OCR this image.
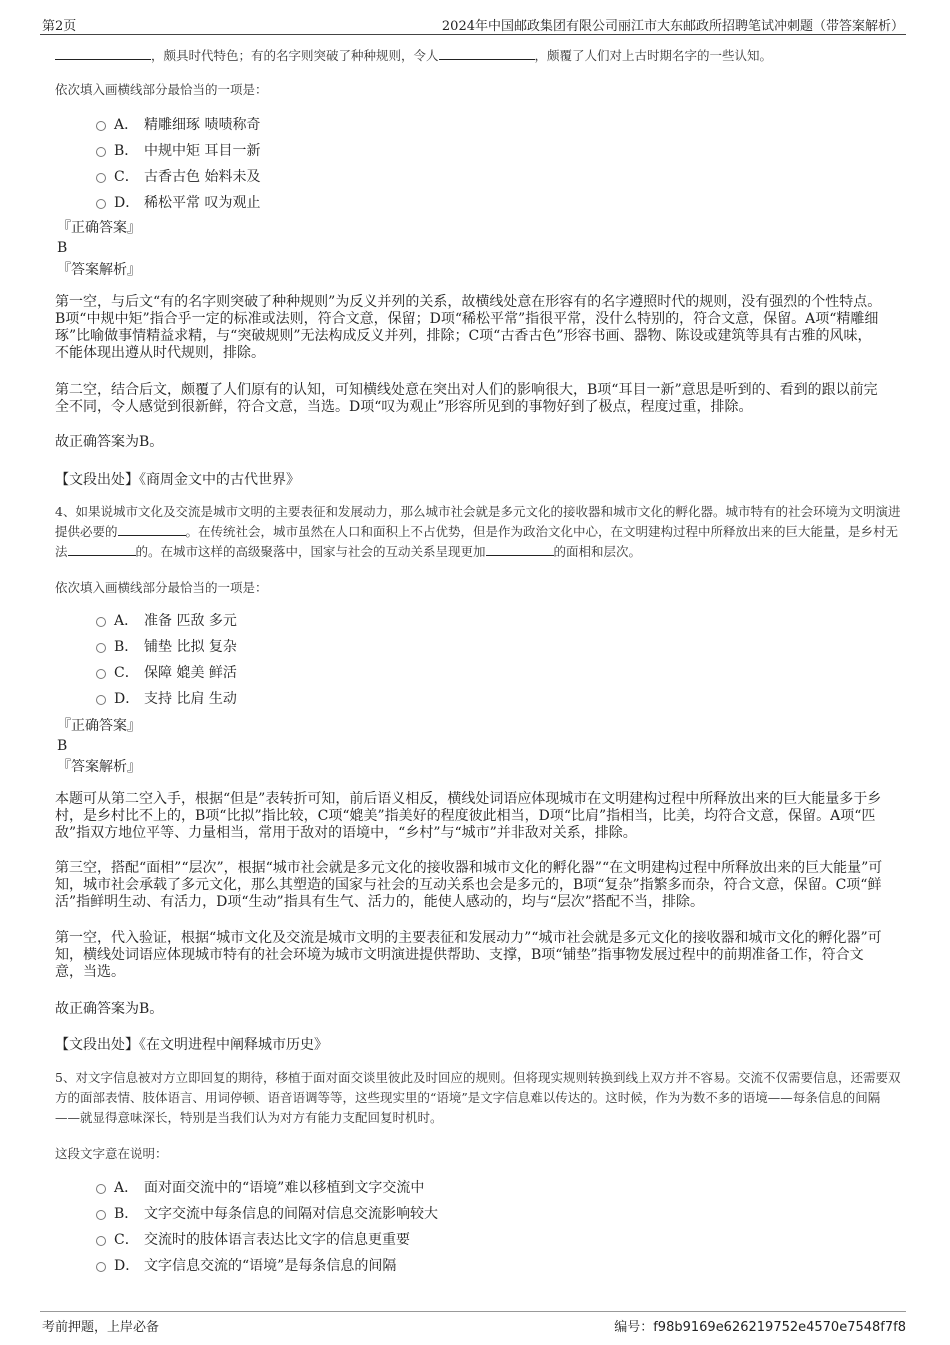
第2页	2024年中国邮政集团有限公司丽江市大东邮政所招聘笔试冲刺题（带答案解析）
，颇具时代特色；有的名字则突破了种种规则，令人	，颇覆了人们对上古时期名字的一些认知。
依次填入画横线部分最恰当的一项是：
A． 精雕细琢 啧啧称奇
B． 中规中矩 耳目一新
C． 古香古色 始料未及
D． 稀松平常 叹为观止
『正确答案』
B
『答案解析』
第一空，与后文“有的名字则突破了种种规则”为反义并列的关系，故横线处意在形容有的名字遵照时代的规则，没有强烈的个性特点。B项“中规中矩”指合乎一定的标准或法则，符合文意，保留；D项“稀松平常”指很平常，没什么特别的，符合文意，保留。A项“精雕细琢”比喻做事情精益求精，与“突破规则”无法构成反义并列，排除；C项“古香古色”形容书画、器物、陈设或建筑等具有古雅的风味，不能体现出遵从时代规则，排除。
第二空，结合后文，颇覆了人们原有的认知，可知横线处意在突出对人们的影响很大，B项“耳目一新”意思是听到的、看到的跟以前完全不同，令人感觉到很新鲜，符合文意，当选。D项“叹为观止”形容所见到的事物好到了极点，程度过重，排除。
故正确答案为B。
【文段出处】《商周金文中的古代世界》
4、如果说城市文化及交流是城市文明的主要表征和发展动力，那么城市社会就是多元文化的接收器和城市文化的孵化器。城市特有的社会环境为文明演进提供必要的	。在传统社会，城市虽然在人口和面积上不占优势，但是作为政治文化中心，在文明建构过程中所释放出来的巨大能量，是乡村无法	的。在城市这样的高级聚落中，国家与社会的互动关系呈现更加	的面相和层次。
依次填入画横线部分最恰当的一项是：
A． 准备 匹敌 多元
B． 铺垫 比拟 复杂
C． 保障 媲美 鲜活
D． 支持 比肩 生动
『正确答案』
B
『答案解析』
本题可从第二空入手，根据“但是”表转折可知，前后语义相反，横线处词语应体现城市在文明建构过程中所释放出来的巨大能量多于乡村，是乡村比不上的，B项“比拟”指比较，C项“媲美”指美好的程度彼此相当，D项“比肩”指相当，比美，均符合文意，保留。A项“匹敌”指双方地位平等、力量相当，常用于敌对的语境中，“乡村”与“城市”并非敌对关系，排除。
第三空，搭配“面相”“层次”，根据“城市社会就是多元文化的接收器和城市文化的孵化器”“在文明建构过程中所释放出来的巨大能量”可知，城市社会承载了多元文化，那么其塑造的国家与社会的互动关系也会是多元的，B项“复杂”指繁多而杂，符合文意，保留。C项“鲜活”指鲜明生动、有活力，D项“生动”指具有生气、活力的，能使人感动的，均与“层次”搭配不当，排除。
第一空，代入验证，根据“城市文化及交流是城市文明的主要表征和发展动力”“城市社会就是多元文化的接收器和城市文化的孵化器”可知，横线处词语应体现城市特有的社会环境为城市文明演进提供帮助、支撑，B项“铺垫”指事物发展过程中的前期准备工作，符合文意，当选。
故正确答案为B。
【文段出处】《在文明进程中阐释城市历史》
5、对文字信息被对方立即回复的期待，移植于面对面交谈里彼此及时回应的规则。但将现实规则转换到线上双方并不容易。交流不仅需要信息，还需要双方的面部表情、肢体语言、用词停顿、语音语调等等，这些现实里的“语境”是文字信息难以传达的。这时候，作为为数不多的语境——每条信息的间隔——就显得意味深长，特别是当我们认为对方有能力支配回复时机时。
这段文字意在说明：
A． 面对面交流中的“语境”难以移植到文字交流中
B． 文字交流中每条信息的间隔对信息交流影响较大
C． 交流时的肢体语言表达比文字的信息更重要
D． 文字信息交流的“语境”是每条信息的间隔
考前押题，上岸必备	编号：f98b9169e626219752e4570e7548f7f8
